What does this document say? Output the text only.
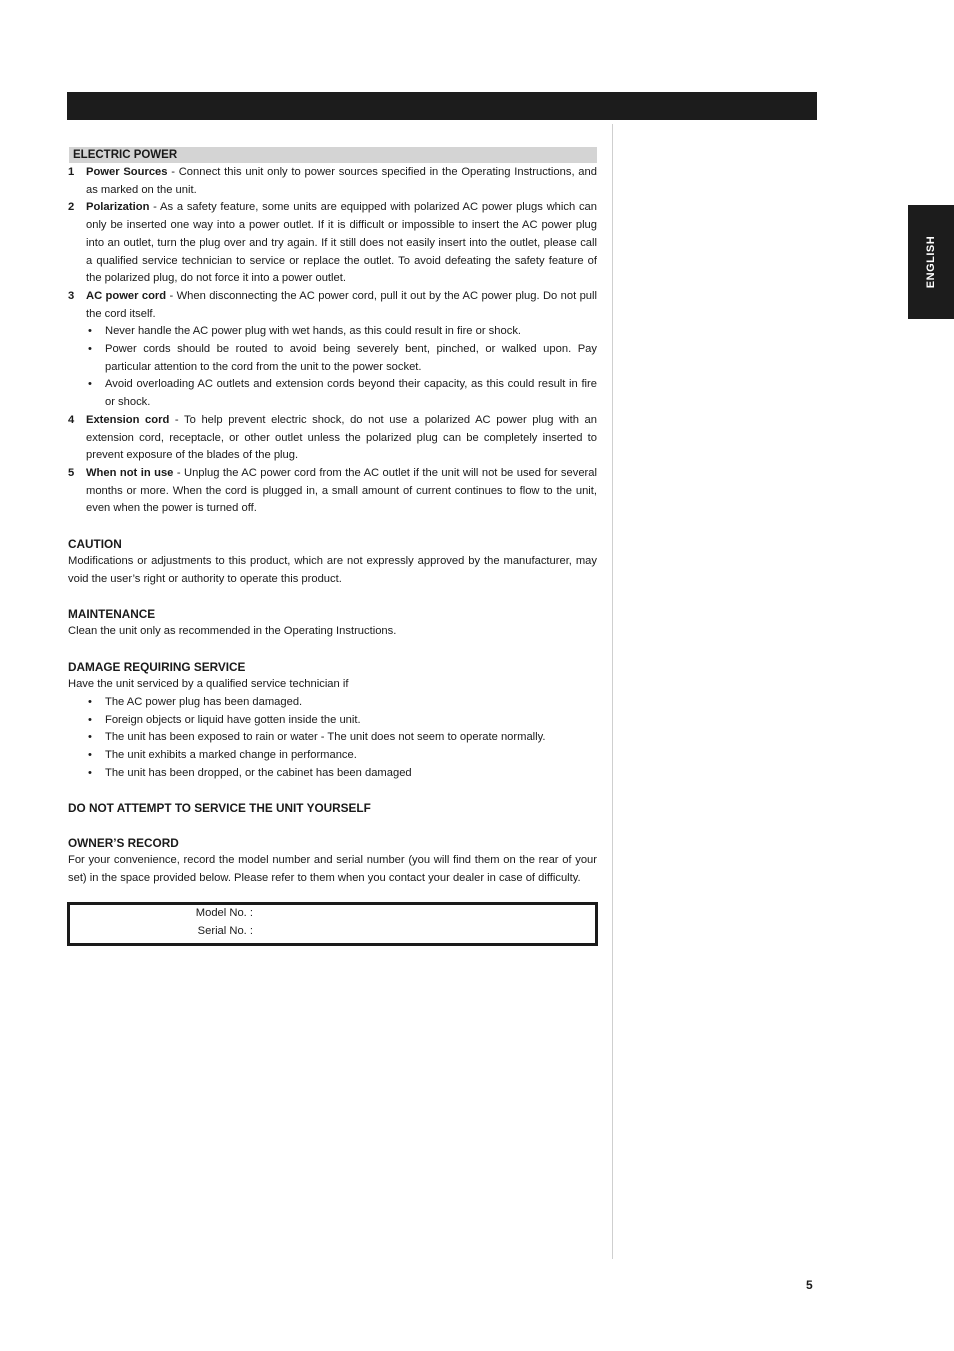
ENGLISH
ELECTRIC POWER
1	Power Sources - Connect this unit only to power sources specified in the Operating Instructions, and as marked on the unit.
2	Polarization - As a safety feature, some units are equipped with polarized AC power plugs which can only be inserted one way into a power outlet. If it is difficult or impossible to insert the AC power plug into an outlet, turn the plug over and try again. If it still does not easily insert into the outlet, please call a qualified service technician to service or replace the outlet. To avoid defeating the safety feature of the polarized plug, do not force it into a power outlet.
3	AC power cord - When disconnecting the AC power cord, pull it out by the AC power plug. Do not pull the cord itself.
• Never handle the AC power plug with wet hands, as this could result in fire or shock.
• Power cords should be routed to avoid being severely bent, pinched, or walked upon. Pay particular attention to the cord from the unit to the power socket.
• Avoid overloading AC outlets and extension cords beyond their capacity, as this could result in fire or shock.
4	Extension cord - To help prevent electric shock, do not use a polarized AC power plug with an extension cord, receptacle, or other outlet unless the polarized plug can be completely inserted to prevent exposure of the blades of the plug.
5	When not in use - Unplug the AC power cord from the AC outlet if the unit will not be used for several months or more. When the cord is plugged in, a small amount of current continues to flow to the unit, even when the power is turned off.
CAUTION

Modifications or adjustments to this product, which are not expressly approved by the manufacturer, may void the user’s right or authority to operate this product.

MAINTENANCE

Clean the unit only as recommended in the Operating Instructions.

DAMAGE REQUIRING SERVICE

Have the unit serviced by a qualified service technician if

• The AC power plug has been damaged.
• Foreign objects or liquid have gotten inside the unit.
• The unit has been exposed to rain or water - The unit does not seem to operate normally.
• The unit exhibits a marked change in performance.
• The unit has been dropped, or the cabinet has been damaged
DO NOT ATTEMPT TO SERVICE THE UNIT YOURSELF
OWNER’S RECORD

For your convenience, record the model number and serial number (you will find them on the rear of your set) in the space provided below. Please refer to them when you contact your dealer in case of difficulty.

Model No. :
Serial No. :
5
